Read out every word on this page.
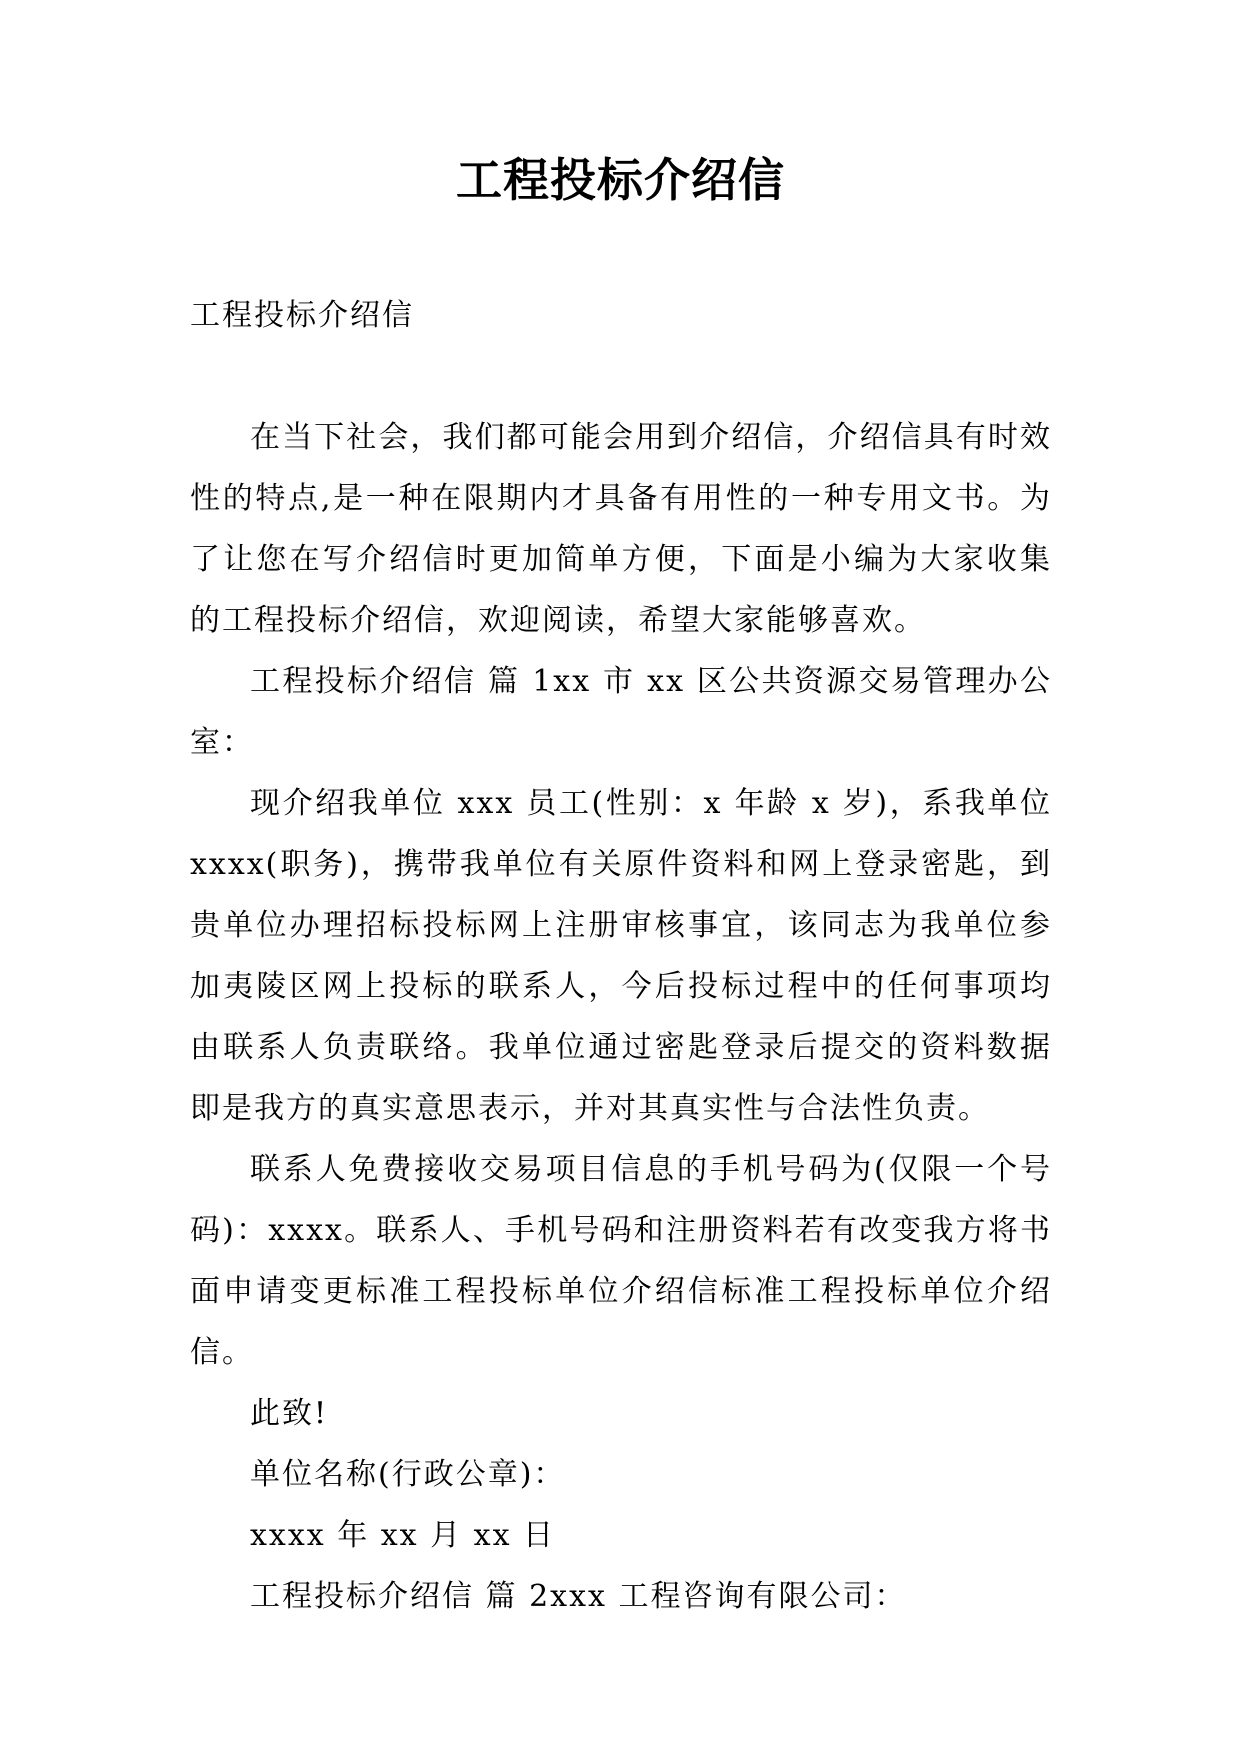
工程投标介绍信

工程投标介绍信

在当下社会，我们都可能会用到介绍信，介绍信具有时效性的特点,是一种在限期内才具备有用性的一种专用文书。为了让您在写介绍信时更加简单方便，下面是小编为大家收集的工程投标介绍信，欢迎阅读，希望大家能够喜欢。

工程投标介绍信 篇 1xx 市 xx 区公共资源交易管理办公室：

现介绍我单位 xxx 员工(性别：x 年龄 x 岁)，系我单位 xxxx(职务)，携带我单位有关原件资料和网上登录密匙，到贵单位办理招标投标网上注册审核事宜，该同志为我单位参加夷陵区网上投标的联系人，今后投标过程中的任何事项均由联系人负责联络。我单位通过密匙登录后提交的资料数据即是我方的真实意思表示，并对其真实性与合法性负责。

联系人免费接收交易项目信息的手机号码为(仅限一个号码)：xxxx。联系人、手机号码和注册资料若有改变我方将书面申请变更标准工程投标单位介绍信标准工程投标单位介绍信。

此致!

单位名称(行政公章)：

xxxx 年 xx 月 xx 日

工程投标介绍信 篇 2xxx 工程咨询有限公司：
